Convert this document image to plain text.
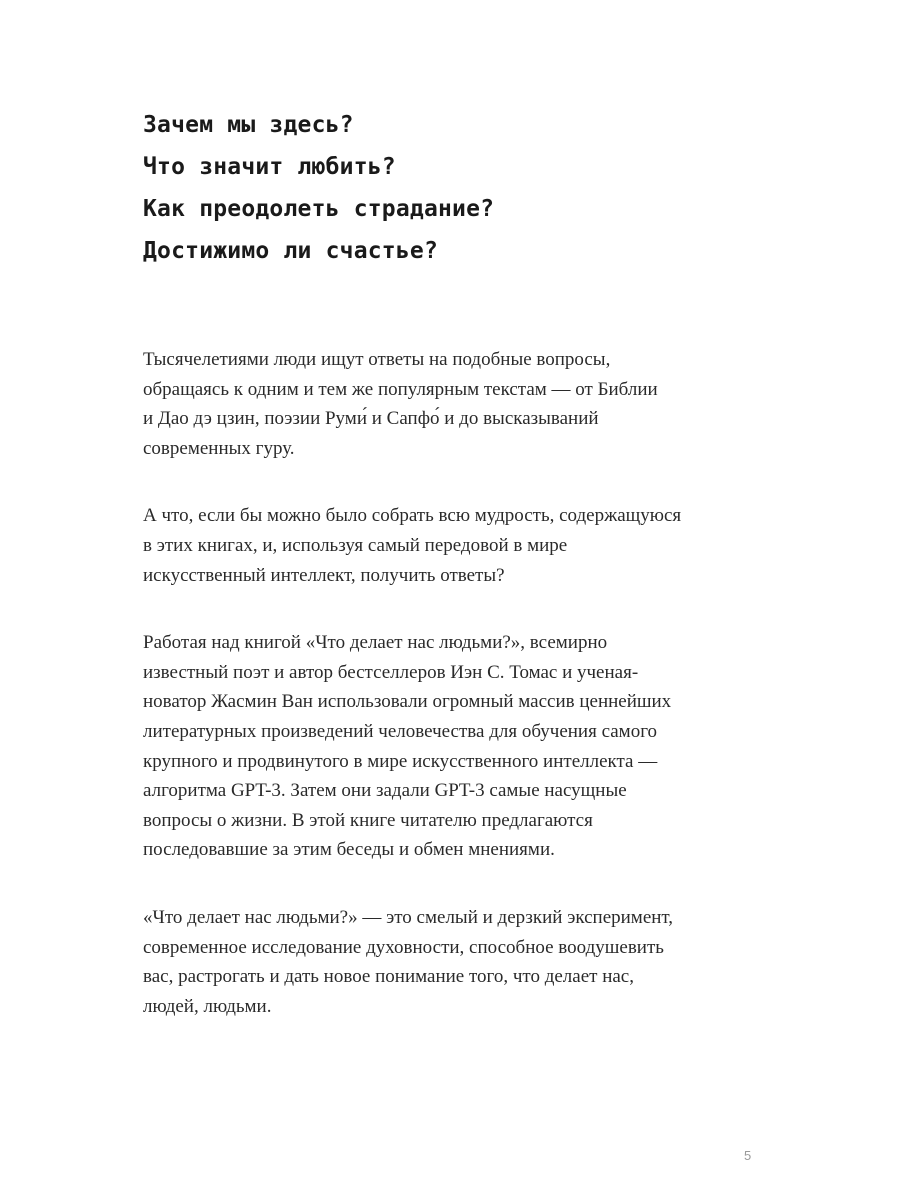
Зачем мы здесь?
Что значит любить?
Как преодолеть страдание?
Достижимо ли счастье?

Тысячелетиями люди ищут ответы на подобные вопросы,
обращаясь к одним и тем же популярным текстам — от Библии
и Дао дэ цзин, поэзии Руми́ и Сапфо́ и до высказываний
современных гуру.

А что, если бы можно было собрать всю мудрость, содержащуюся
в этих книгах, и, используя самый передовой в мире
искусственный интеллект, получить ответы?

Работая над книгой «Что делает нас людьми?», всемирно
известный поэт и автор бестселлеров Иэн С. Томас и ученая-
новатор Жасмин Ван использовали огромный массив ценнейших
литературных произведений человечества для обучения самого
крупного и продвинутого в мире искусственного интеллекта —
алгоритма GPT-3. Затем они задали GPT-3 самые насущные
вопросы о жизни. В этой книге читателю предлагаются
последовавшие за этим беседы и обмен мнениями.

«Что делает нас людьми?» — это смелый и дерзкий эксперимент,
современное исследование духовности, способное воодушевить
вас, растрогать и дать новое понимание того, что делает нас,
людей, людьми.

5
